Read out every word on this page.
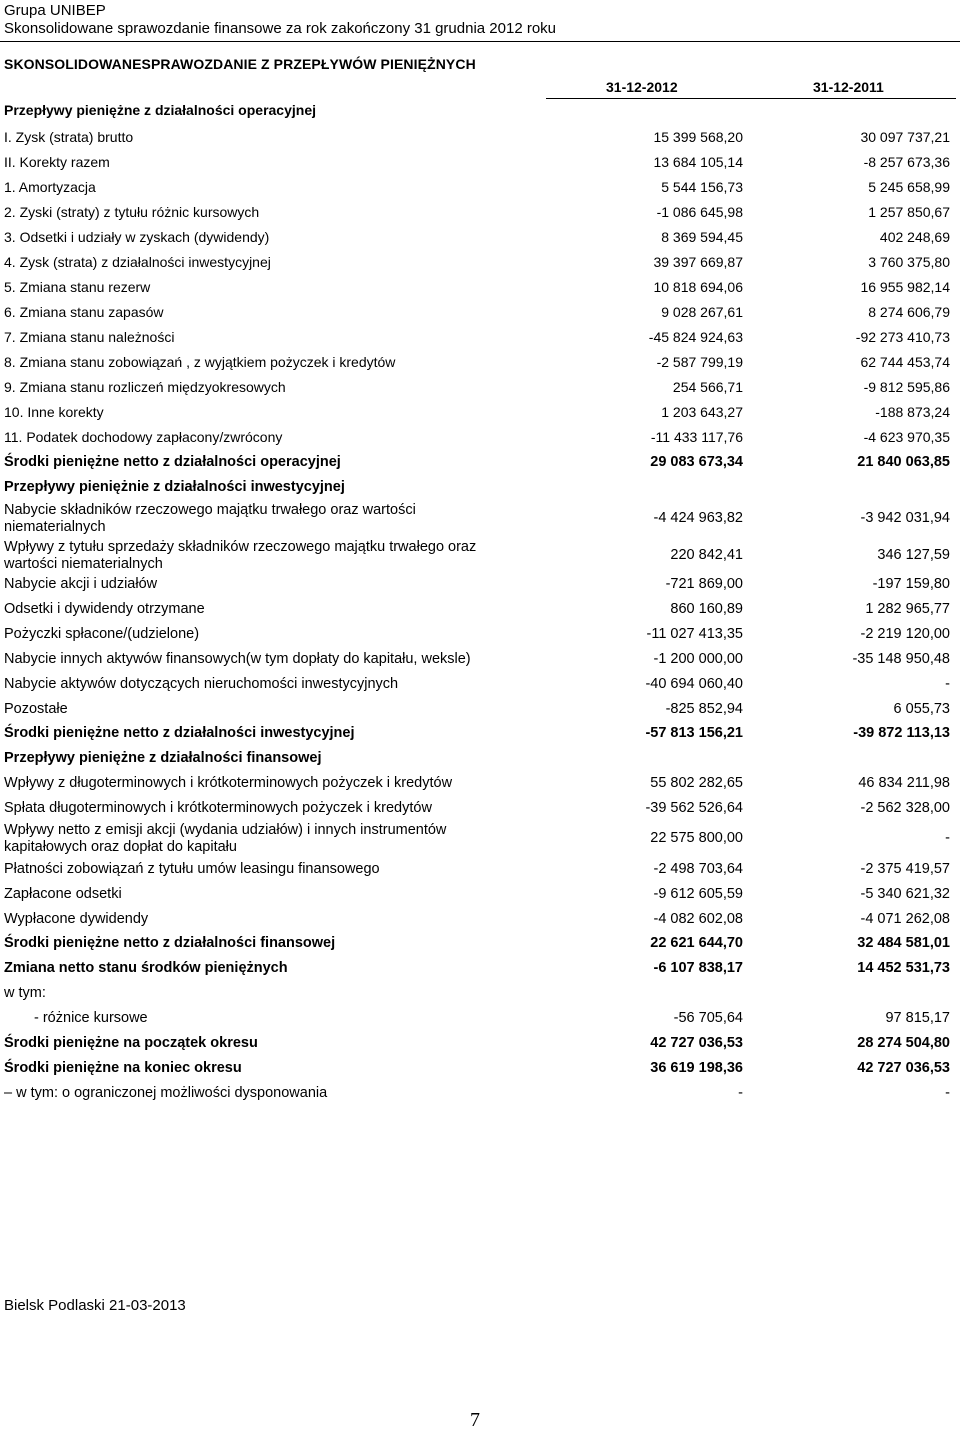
Grupa UNIBEP
Skonsolidowane sprawozdanie finansowe za rok zakończony 31 grudnia 2012 roku
SKONSOLIDOWANESPRAWOZDANIE Z PRZEPŁYWÓW PIENIĘŻNYCH
31-12-2012	31-12-2011
Przepływy pieniężne z działalności operacyjnej
I. Zysk (strata) brutto	15 399 568,20	30 097 737,21
II. Korekty razem	13 684 105,14	-8 257 673,36
1. Amortyzacja	5 544 156,73	5 245 658,99
2. Zyski (straty) z tytułu różnic kursowych	-1 086 645,98	1 257 850,67
3. Odsetki i udziały w zyskach (dywidendy)	8 369 594,45	402 248,69
4. Zysk (strata) z działalności inwestycyjnej	39 397 669,87	3 760 375,80
5. Zmiana stanu rezerw	10 818 694,06	16 955 982,14
6. Zmiana stanu zapasów	9 028 267,61	8 274 606,79
7. Zmiana stanu należności	-45 824 924,63	-92 273 410,73
8. Zmiana stanu zobowiązań , z wyjątkiem pożyczek i kredytów	-2 587 799,19	62 744 453,74
9. Zmiana stanu rozliczeń międzyokresowych	254 566,71	-9 812 595,86
10. Inne korekty	1 203 643,27	-188 873,24
11. Podatek dochodowy zapłacony/zwrócony	-11 433 117,76	-4 623 970,35
Środki pieniężne netto z działalności operacyjnej	29 083 673,34	21 840 063,85
Przepływy pieniężnie z działalności inwestycyjnej
Nabycie składników rzeczowego majątku trwałego oraz wartości niematerialnych
-4 424 963,82	-3 942 031,94
Wpływy z tytułu sprzedaży składników rzeczowego majątku trwałego oraz wartości niematerialnych
220 842,41	346 127,59
Nabycie akcji i udziałów	-721 869,00	-197 159,80
Odsetki i dywidendy otrzymane	860 160,89	1 282 965,77
Pożyczki spłacone/(udzielone)	-11 027 413,35	-2 219 120,00
Nabycie innych aktywów finansowych(w tym dopłaty do kapitału, weksle)	-1 200 000,00	-35 148 950,48
Nabycie aktywów dotyczących nieruchomości inwestycyjnych	-40 694 060,40	-
Pozostałe	-825 852,94	6 055,73
Środki pieniężne netto z działalności inwestycyjnej	-57 813 156,21	-39 872 113,13
Przepływy pieniężne z działalności finansowej
Wpływy z długoterminowych i krótkoterminowych pożyczek i kredytów	55 802 282,65	46 834 211,98
Spłata długoterminowych i krótkoterminowych pożyczek i kredytów	-39 562 526,64	-2 562 328,00
Wpływy netto z emisji akcji (wydania udziałów) i innych instrumentów kapitałowych oraz dopłat do kapitału
22 575 800,00	-
Płatności zobowiązań z tytułu umów leasingu finansowego	-2 498 703,64	-2 375 419,57
Zapłacone odsetki	-9 612 605,59	-5 340 621,32
Wypłacone dywidendy	-4 082 602,08	-4 071 262,08
Środki pieniężne netto z działalności finansowej	22 621 644,70	32 484 581,01
Zmiana netto stanu środków pieniężnych	-6 107 838,17	14 452 531,73
w tym:
- różnice kursowe	-56 705,64	97 815,17
Środki pieniężne na początek okresu	42 727 036,53	28 274 504,80
Środki pieniężne na koniec okresu	36 619 198,36	42 727 036,53
– w tym: o ograniczonej możliwości dysponowania	-	-
Bielsk Podlaski 21-03-2013
7
